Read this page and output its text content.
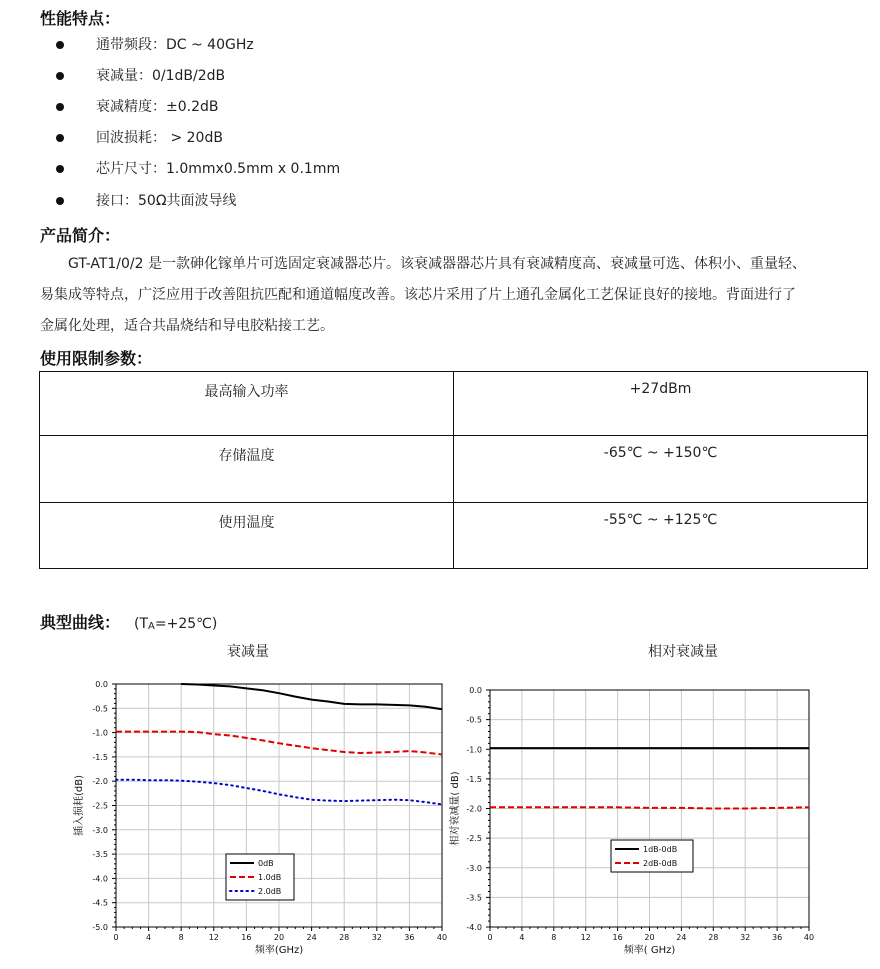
性能特点：
通带频段：DC ~ 40GHz
衰减量：0/1dB/2dB
衰减精度：±0.2dB
回波损耗： > 20dB
芯片尺寸：1.0mmx0.5mm x 0.1mm
接口：50Ω共面波导线
产品简介：
GT-AT1/0/2 是一款砷化镓单片可选固定衰减器芯片。该衰减器器芯片具有衰减精度高、衰减量可选、体积小、重量轻、
易集成等特点，广泛应用于改善阻抗匹配和通道幅度改善。该芯片采用了片上通孔金属化工艺保证良好的接地。背面进行了
金属化处理，适合共晶烧结和导电胶粘接工艺。
使用限制参数：
最高输入功率	+27dBm
存储温度	-65℃ ~ +150℃
使用温度	-55℃ ~ +125℃
典型曲线： $(T_A=+25℃)$
衰减量	相对衰减量
0	4	8	12	16	20	24	28	32	36	40
0.0
-0.5
-1.0
-1.5
-2.0
-2.5
-3.0
-3.5
-4.0
-4.5
-5.0
频率(GHz)
插入损耗(dB)
0dB
1.0dB
2.0dB
0	4	8	12	16	20	24	28	32	36	40
0.0
-0.5
-1.0
-1.5
-2.0
-2.5
-3.0
-3.5
-4.0
频率( GHz)
相对衰减量( dB)
1dB-0dB
2dB-0dB
